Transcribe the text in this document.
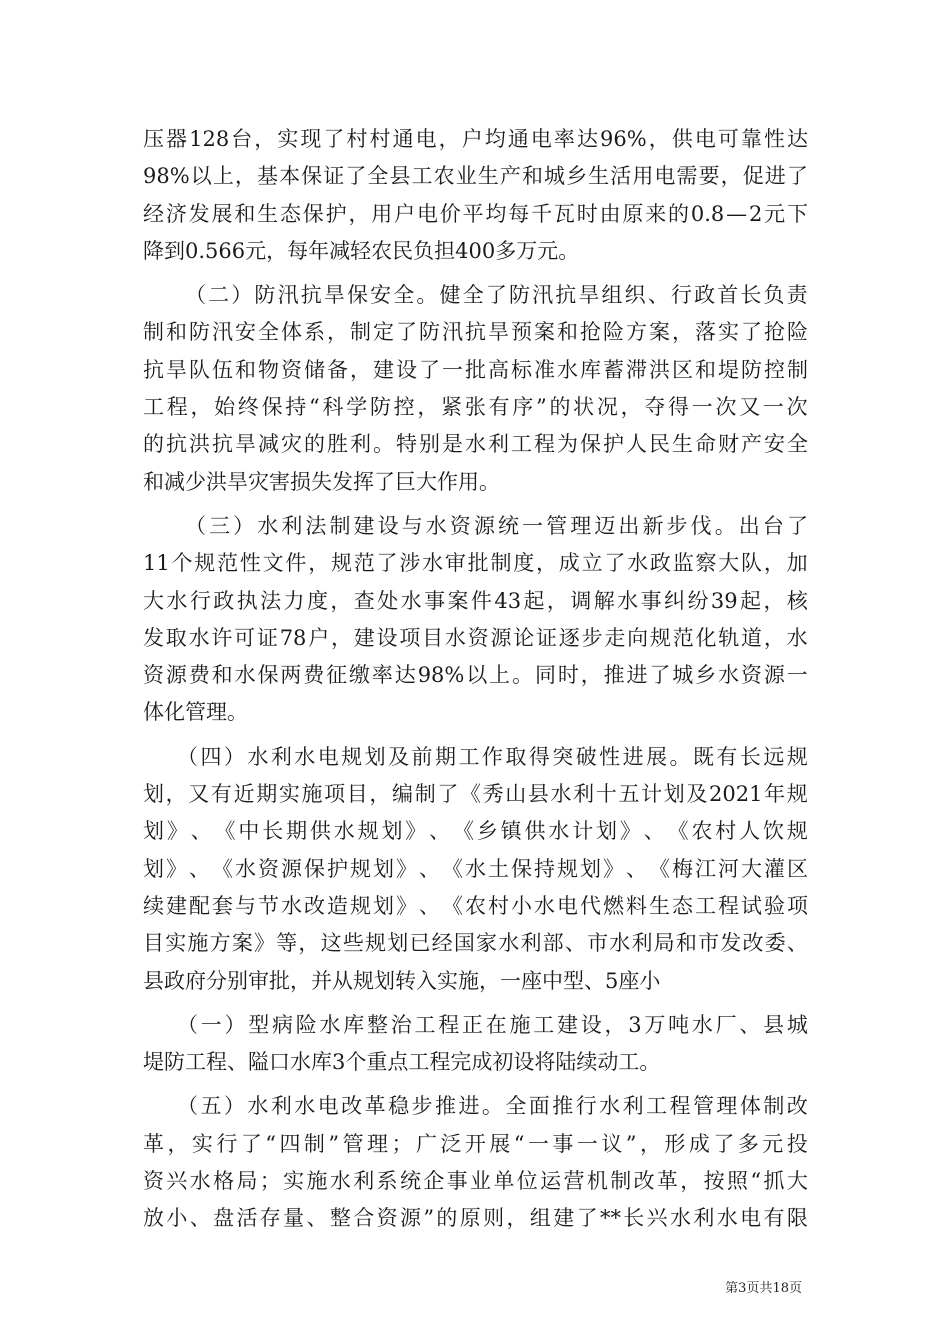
压 器 128 台 ， 实 现 了 村 村 通 电 ， 户 均 通 电 率 达 96% ， 供 电 可 靠 性 达
98% 以 上 ， 基 本 保 证 了 全 县 工 农 业 生 产 和 城 乡 生 活 用 电 需 要 ， 促 进 了
经 济 发 展 和 生 态 保 护 ， 用 户 电 价 平 均 每 千 瓦 时 由 原 来 的 0.8 — 2 元 下
降到0.566元，每年减轻农民负担400多万元。
（ 二 ） 防 汛 抗 旱 保 安 全 。 健 全 了 防 汛 抗 旱 组 织 、 行 政 首 长 负 责
制 和 防 汛 安 全 体 系 ， 制 定 了 防 汛 抗 旱 预 案 和 抢 险 方 案 ， 落 实 了 抢 险
抗 旱 队 伍 和 物 资 储 备 ， 建 设 了 一 批 高 标 准 水 库 蓄 滞 洪 区 和 堤 防 控 制
工 程 ， 始 终 保 持 “ 科 学 防 控 ， 紧 张 有 序 ” 的 状 况 ， 夺 得 一 次 又 一 次
的 抗 洪 抗 旱 减 灾 的 胜 利 。 特 别 是 水 利 工 程 为 保 护 人 民 生 命 财 产 安 全
和减少洪旱灾害损失发挥了巨大作用。
（ 三 ） 水 利 法 制 建 设 与 水 资 源 统 一 管 理 迈 出 新 步 伐 。 出 台 了
11 个 规 范 性 文 件 ， 规 范 了 涉 水 审 批 制 度 ， 成 立 了 水 政 监 察 大 队 ， 加
大 水 行 政 执 法 力 度 ， 查 处 水 事 案 件 43 起 ， 调 解 水 事 纠 纷 39 起 ， 核
发 取 水 许 可 证 78 户 ， 建 设 项 目 水 资 源 论 证 逐 步 走 向 规 范 化 轨 道 ， 水
资 源 费 和 水 保 两 费 征 缴 率 达 98% 以 上 。 同 时 ， 推 进 了 城 乡 水 资 源 一
体化管理。
（ 四 ） 水 利 水 电 规 划 及 前 期 工 作 取 得 突 破 性 进 展 。 既 有 长 远 规
划 ， 又 有 近 期 实 施 项 目 ， 编 制 了 《 秀 山 县 水 利 十 五 计 划 及 2021 年 规
划 》 、 《 中 长 期 供 水 规 划 》 、 《 乡 镇 供 水 计 划 》 、 《 农 村 人 饮 规
划 》 、 《 水 资 源 保 护 规 划 》 、 《 水 土 保 持 规 划 》 、 《 梅 江 河 大 灌 区
续 建 配 套 与 节 水 改 造 规 划 》 、 《 农 村 小 水 电 代 燃 料 生 态 工 程 试 验 项
目 实 施 方 案 》 等 ， 这 些 规 划 已 经 国 家 水 利 部 、 市 水 利 局 和 市 发 改 委 、
县政府分别审批，并从规划转入实施，一座中型、5座小
（ 一 ） 型 病 险 水 库 整 治 工 程 正 在 施 工 建 设 ， 3 万 吨 水 厂 、 县 城
堤防工程、隘口水库3个重点工程完成初设将陆续动工。
（ 五 ） 水 利 水 电 改 革 稳 步 推 进 。 全 面 推 行 水 利 工 程 管 理 体 制 改
革 ， 实 行 了 “ 四 制 ” 管 理 ； 广 泛 开 展 “ 一 事 一 议 ” ， 形 成 了 多 元 投
资 兴 水 格 局 ； 实 施 水 利 系 统 企 事 业 单 位 运 营 机 制 改 革 ， 按 照 “ 抓 大
放 小 、 盘 活 存 量 、 整 合 资 源 ” 的 原 则 ， 组 建 了 ** 长 兴 水 利 水 电 有 限
第3页共18页
